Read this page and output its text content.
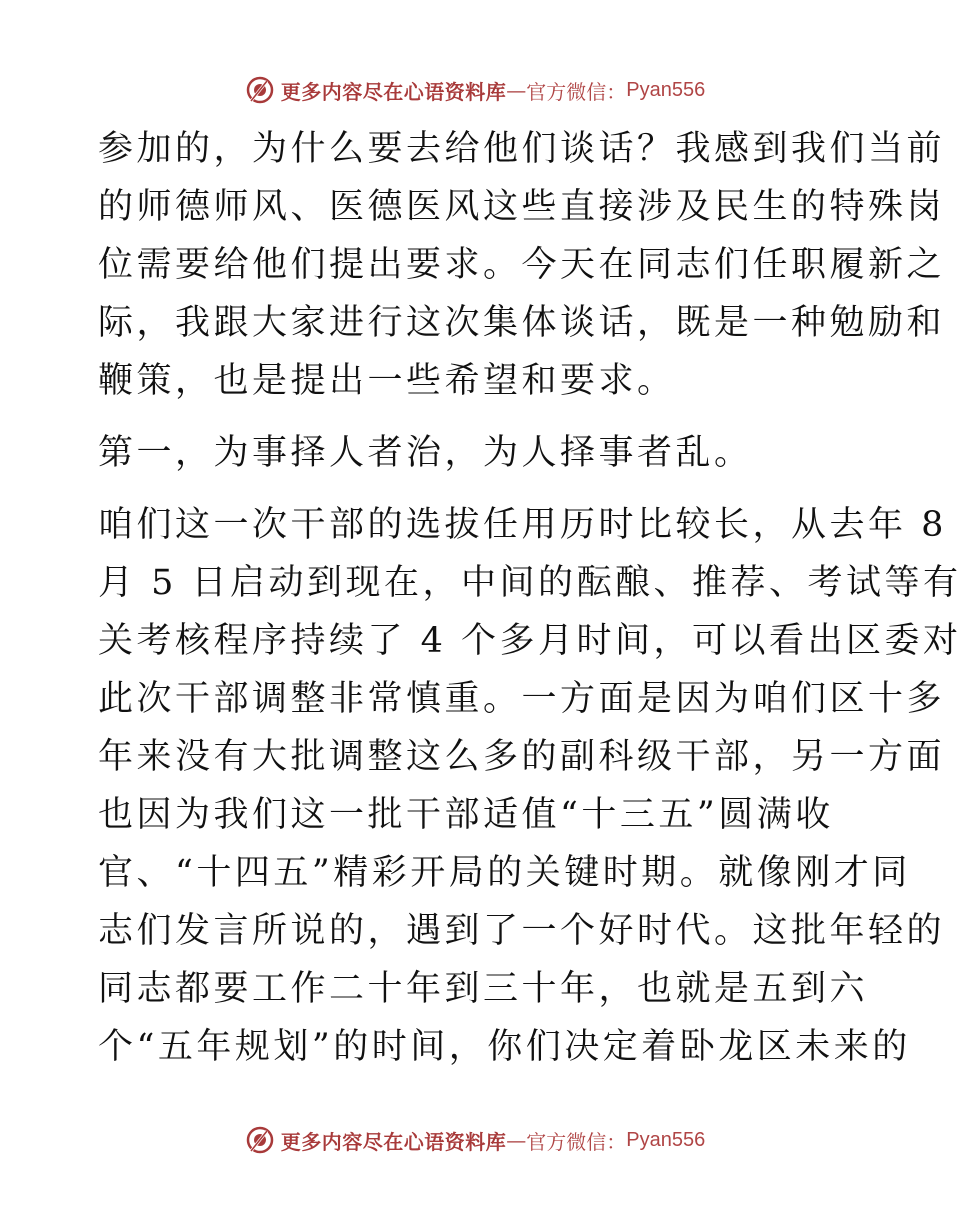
更多内容尽在心语资料库 — 官方微信： Pyan556
参加的，为什么要去给他们谈话？我感到我们当前
的师德师风、医德医风这些直接涉及民生的特殊岗
位需要给他们提出要求。今天在同志们任职履新之
际，我跟大家进行这次集体谈话，既是一种勉励和
鞭策，也是提出一些希望和要求。
第一，为事择人者治，为人择事者乱。
咱们这一次干部的选拔任用历时比较长，从去年 8
月 5 日启动到现在，中间的酝酿、推荐、考试等有
关考核程序持续了 4 个多月时间，可以看出区委对
此次干部调整非常慎重。一方面是因为咱们区十多
年来没有大批调整这么多的副科级干部，另一方面
也因为我们这一批干部适值“十三五”圆满收
官、“十四五”精彩开局的关键时期。就像刚才同
志们发言所说的，遇到了一个好时代。这批年轻的
同志都要工作二十年到三十年，也就是五到六
个“五年规划”的时间，你们决定着卧龙区未来的
更多内容尽在心语资料库 — 官方微信： Pyan556
